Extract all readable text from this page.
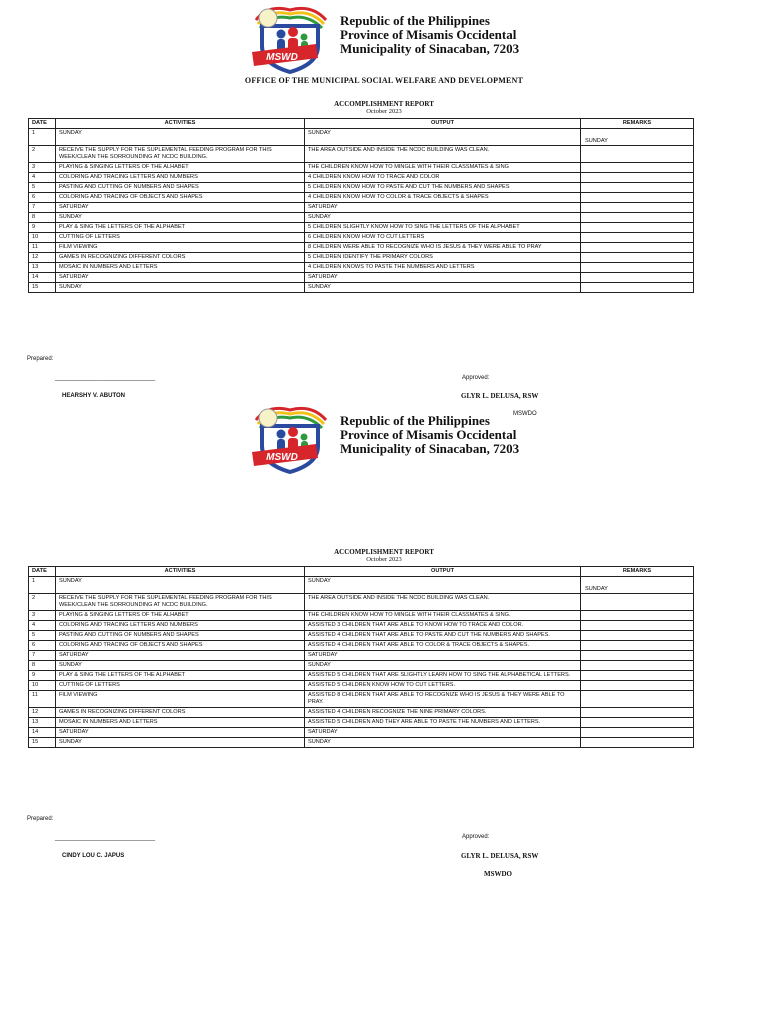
MSWD
Republic of the Philippines
Province of Misamis Occidental
Municipality of Sinacaban, 7203
OFFICE OF THE MUNICIPAL SOCIAL WELFARE AND DEVELOPMENT
ACCOMPLISHMENT REPORT
October 2023
DATE	ACTIVITIES	OUTPUT	REMARKS
1	SUNDAY	SUNDAY	SUNDAY

2	RECEIVE THE SUPPLY FOR THE SUPLEMENTAL FEEDING PROGRAM FOR THIS WEEK/CLEAN THE SORROUNDING AT NCDC BUILDING.	THE AREA OUTSIDE AND INSIDE THE NCDC BUILDING WAS CLEAN.	
3	PLAYING & SINGING LETTERS OF THE ALHABET	THE CHILDREN KNOW HOW TO MINGLE WITH THEIR CLASSMATES & SING	
4	COLORING AND TRACING LETTERS AND NUMBERS	4 CHILDREN KNOW HOW TO TRACE AND COLOR	
5	PASTING AND CUTTING OF NUMBERS AND SHAPES	5 CHILDREN KNOW HOW TO PASTE AND CUT THE NUMBERS AND SHAPES	
6	COLORING AND TRACING OF OBJECTS AND SHAPES	4 CHILDREN KNOW HOW TO COLOR & TRACE OBJECTS & SHAPES	
7	SATURDAY	SATURDAY	
8	SUNDAY	SUNDAY	
9	PLAY & SING THE LETTERS OF THE ALPHABET	5 CHILDREN SLIGHTLY KNOW HOW TO SING THE LETTERS OF THE ALPHABET	
10	CUTTING OF LETTERS	6 CHILDREN KNOW HOW TO CUT LETTERS	
11	FILM VIEWING	8 CHILDREN WERE ABLE TO RECOGNIZE WHO IS JESUS & THEY WERE ABLE TO PRAY	
12	GAMES IN RECOGNIZING DIFFERENT COLORS	5 CHILDREN IDENTIFY THE PRIMARY COLORS	
13	MOSAIC IN NUMBERS AND LETTERS	4 CHILDREN KNOWS TO PASTE THE NUMBERS AND LETTERS	
14	SATURDAY	SATURDAY	
15	SUNDAY	SUNDAY	
Prepared:
______________________________
HEARSHY V. ABUTON
Approved:
GLYR L. DELUSA, RSW
MSWDO
MSWD
Republic of the Philippines
Province of Misamis Occidental
Municipality of Sinacaban, 7203
ACCOMPLISHMENT REPORT
October 2023
DATE	ACTIVITIES	OUTPUT	REMARKS
1	SUNDAY	SUNDAY	SUNDAY

2	RECEIVE THE SUPPLY FOR THE SUPLEMENTAL FEEDING PROGRAM FOR THIS WEEK/CLEAN THE SORROUNDING AT NCDC BUILDING.	THE AREA OUTSIDE AND INSIDE THE NCDC BUILDING WAS CLEAN.	
3	PLAYING & SINGING LETTERS OF THE ALHABET	THE CHILDREN KNOW HOW TO MINGLE WITH THEIR CLASSMATES & SING.	
4	COLORING AND TRACING LETTERS AND NUMBERS	ASSISTED 3 CHILDREN THAT ARE ABLE TO KNOW HOW TO TRACE AND COLOR.	
5	PASTING AND CUTTING OF NUMBERS AND SHAPES	ASSISTED 4 CHILDREN THAT ARE ABLE TO PASTE AND CUT THE NUMBERS AND SHAPES.	
6	COLORING AND TRACING OF OBJECTS AND SHAPES	ASSISTED 4 CHILDREN THAT ARE ABLE TO COLOR & TRACE OBJECTS & SHAPES.	
7	SATURDAY	SATURDAY	
8	SUNDAY	SUNDAY	
9	PLAY & SING THE LETTERS OF THE ALPHABET	ASSISTED 5 CHILDREN THAT ARE SLIGHTLY LEARN HOW TO SING THE ALPHABETICAL LETTERS.	
10	CUTTING OF LETTERS	ASSISTED 5 CHILDREN KNOW HOW TO CUT LETTERS.	
11	FILM VIEWING	ASSISTED 8 CHILDREN THAT ARE ABLE TO RECOGNIZE WHO IS JESUS & THEY WERE ABLE TO PRAY.	
12	GAMES IN RECOGNIZING DIFFERENT COLORS	ASSISTED 4 CHILDREN RECOGNIZE THE NINE PRIMARY COLORS.	
13	MOSAIC IN NUMBERS AND LETTERS	ASSISTED 5 CHILDREN AND THEY ARE ABLE TO PASTE THE NUMBERS AND LETTERS.	
14	SATURDAY	SATURDAY	
15	SUNDAY	SUNDAY	
Prepared:
______________________________
CINDY LOU C. JAPUS
Approved:
GLYR L. DELUSA, RSW
MSWDO
